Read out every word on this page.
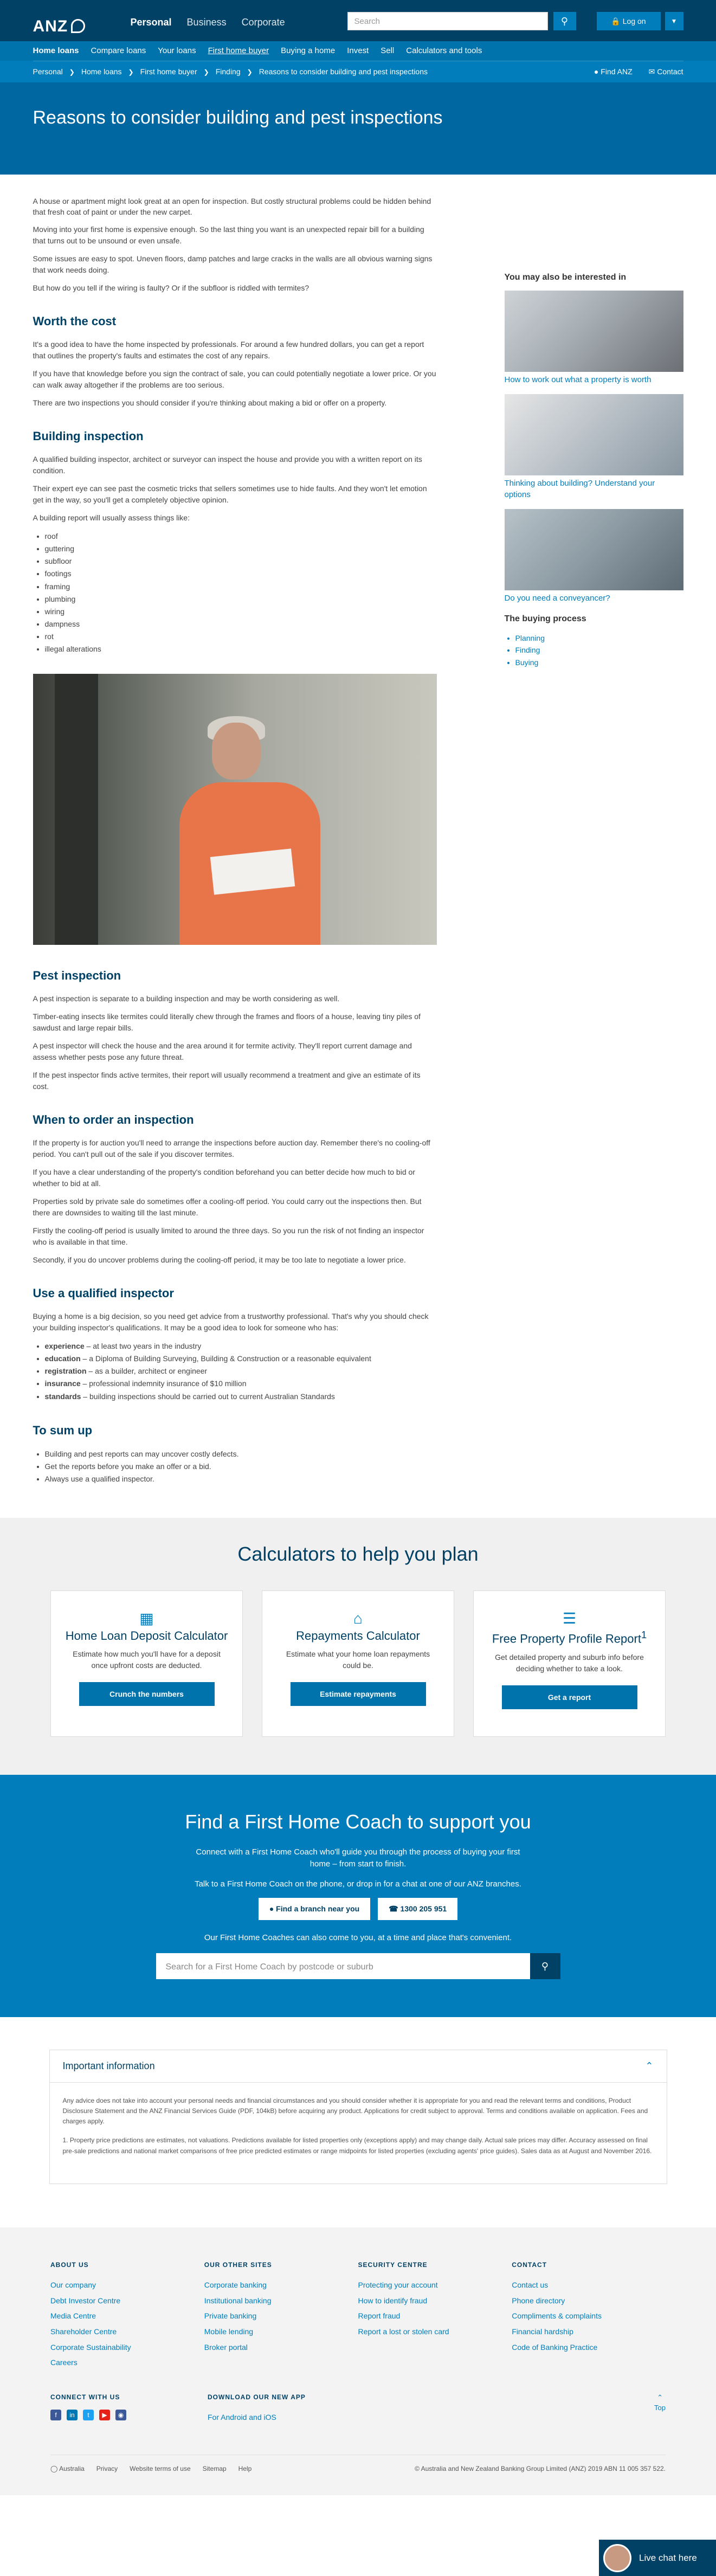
ANZ	Personal Business Corporate	Search	⚲	🔒 Log on	▼
Home loans Compare loans Your loans First home buyer Buying a home Invest Sell Calculators and tools
Personal ❯ Home loans ❯ First home buyer ❯ Finding ❯ Reasons to consider building and pest inspections	● Find ANZ ✉ Contact
Reasons to consider building and pest inspections

A house or apartment might look great at an open for inspection. But costly structural problems could be hidden behind that fresh coat of paint or under the new carpet.

Moving into your first home is expensive enough. So the last thing you want is an unexpected repair bill for a building that turns out to be unsound or even unsafe.

Some issues are easy to spot. Uneven floors, damp patches and large cracks in the walls are all obvious warning signs that work needs doing.

But how do you tell if the wiring is faulty? Or if the subfloor is riddled with termites?

Worth the cost

It's a good idea to have the home inspected by professionals. For around a few hundred dollars, you can get a report that outlines the property's faults and estimates the cost of any repairs.

If you have that knowledge before you sign the contract of sale, you can could potentially negotiate a lower price. Or you can walk away altogether if the problems are too serious.

There are two inspections you should consider if you're thinking about making a bid or offer on a property.

Building inspection

A qualified building inspector, architect or surveyor can inspect the house and provide you with a written report on its condition.

Their expert eye can see past the cosmetic tricks that sellers sometimes use to hide faults. And they won't let emotion get in the way, so you'll get a completely objective opinion.

A building report will usually assess things like:

• roof
• guttering
• subfloor
• footings
• framing
• plumbing
• wiring
• dampness
• rot
• illegal alterations
Pest inspection

A pest inspection is separate to a building inspection and may be worth considering as well.

Timber-eating insects like termites could literally chew through the frames and floors of a house, leaving tiny piles of sawdust and large repair bills.

A pest inspector will check the house and the area around it for termite activity. They'll report current damage and assess whether pests pose any future threat.

If the pest inspector finds active termites, their report will usually recommend a treatment and give an estimate of its cost.

When to order an inspection

If the property is for auction you'll need to arrange the inspections before auction day. Remember there's no cooling-off period. You can't pull out of the sale if you discover termites.

If you have a clear understanding of the property's condition beforehand you can better decide how much to bid or whether to bid at all.

Properties sold by private sale do sometimes offer a cooling-off period. You could carry out the inspections then. But there are downsides to waiting till the last minute.

Firstly the cooling-off period is usually limited to around the three days. So you run the risk of not finding an inspector who is available in that time.

Secondly, if you do uncover problems during the cooling-off period, it may be too late to negotiate a lower price.

Use a qualified inspector

Buying a home is a big decision, so you need get advice from a trustworthy professional. That's why you should check your building inspector's qualifications. It may be a good idea to look for someone who has:

• experience – at least two years in the industry
• education – a Diploma of Building Surveying, Building & Construction or a reasonable equivalent
• registration – as a builder, architect or engineer
• insurance – professional indemnity insurance of $10 million
• standards – building inspections should be carried out to current Australian Standards
To sum up
• Building and pest reports can may uncover costly defects.
• Get the reports before you make an offer or a bid.
• Always use a qualified inspector.
You may also be interested in
How to work out what a property is worth
Thinking about building? Understand your options
Do you need a conveyancer?
The buying process
• Planning
• Finding
• Buying
Calculators to help you plan
▦
Home Loan Deposit Calculator

Estimate how much you'll have for a deposit once upfront costs are deducted.

Crunch the numbers
⌂
Repayments Calculator

Estimate what your home loan repayments could be.

Estimate repayments
☰
Free Property Profile Report$^1$

Get detailed property and suburb info before deciding whether to take a look.

Get a report
Find a First Home Coach to support you

Connect with a First Home Coach who'll guide you through the process of buying your first home – from start to finish.

Talk to a First Home Coach on the phone, or drop in for a chat at one of our ANZ branches.

● Find a branch near you	☎ 1300 205 951

Our First Home Coaches can also come to you, at a time and place that's convenient.

Search for a First Home Coach by postcode or suburb	⚲
Important information	⌃

Any advice does not take into account your personal needs and financial circumstances and you should consider whether it is appropriate for you and read the relevant terms and conditions, Product Disclosure Statement and the ANZ Financial Services Guide (PDF, 104kB) before acquiring any product. Applications for credit subject to approval. Terms and conditions available on application. Fees and charges apply.

1. Property price predictions are estimates, not valuations. Predictions available for listed properties only (exceptions apply) and may change daily. Actual sale prices may differ. Accuracy assessed on final pre-sale predictions and national market comparisons of free price predicted estimates or range midpoints for listed properties (excluding agents' price guides). Sales data as at August and November 2016.

ABOUT US
Our company
Debt Investor Centre
Media Centre
Shareholder Centre
Corporate Sustainability
Careers
OUR OTHER SITES
Corporate banking
Institutional banking
Private banking
Mobile lending
Broker portal
SECURITY CENTRE
Protecting your account
How to identify fraud
Report fraud
Report a lost or stolen card
CONTACT
Contact us
Phone directory
Compliments & complaints
Financial hardship
Code of Banking Practice
CONNECT WITH US
f	in	t	▶	◉
DOWNLOAD OUR NEW APP
For Android and iOS
⌃
Top
◯ Australia Privacy Website terms of use Sitemap Help	© Australia and New Zealand Banking Group Limited (ANZ) 2019 ABN 11 005 357 522.
Live chat here
